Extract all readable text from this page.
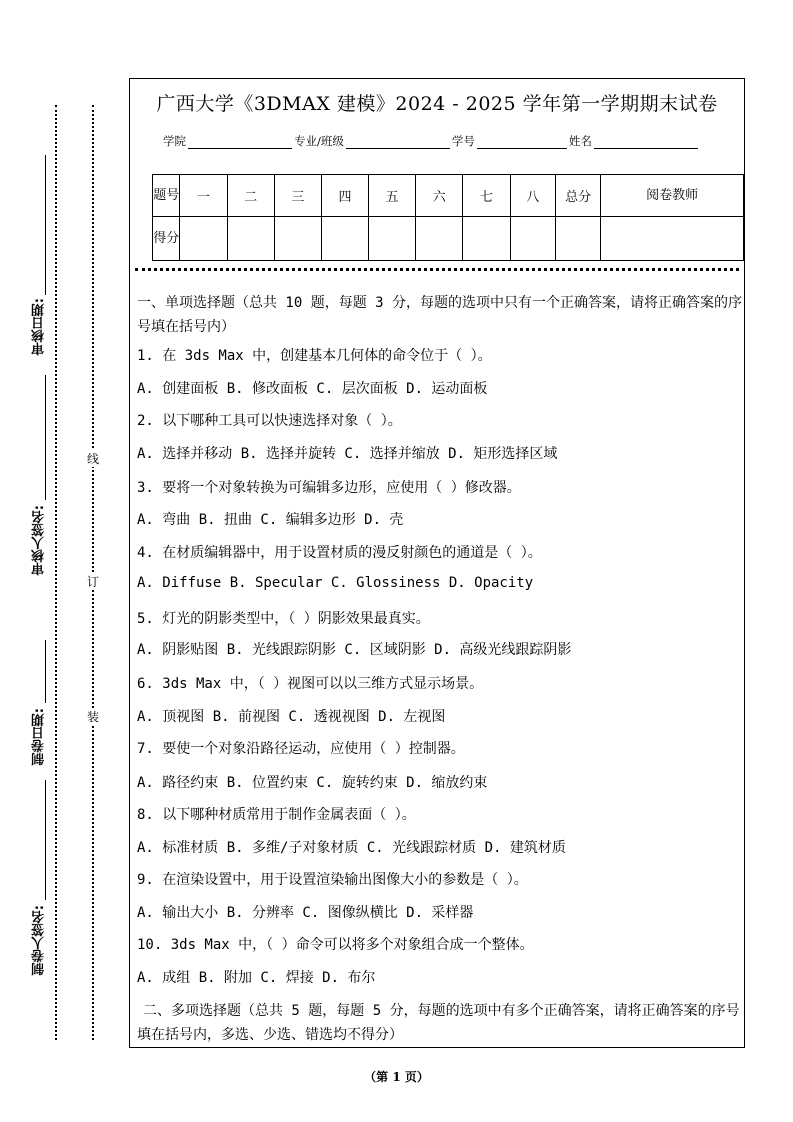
审核日期:
审核人签名:
制卷日期:
制卷人签名:
线
订
装
广西大学《3DMAX 建模》2024 - 2025 学年第一学期期末试卷
学院	专业/班级	学号	姓名
题号	一	二	三	四	五	六	七	八	总分	阅卷教师
得分										

一、单项选择题（总共 10 题，每题 3 分，每题的选项中只有一个正确答案，请将正确答案的序号填在括号内）

1. 在 3ds Max 中，创建基本几何体的命令位于（ ）。

A. 创建面板 B. 修改面板 C. 层次面板 D. 运动面板

2. 以下哪种工具可以快速选择对象（ ）。

A. 选择并移动 B. 选择并旋转 C. 选择并缩放 D. 矩形选择区域

3. 要将一个对象转换为可编辑多边形，应使用（ ）修改器。

A. 弯曲 B. 扭曲 C. 编辑多边形 D. 壳

4. 在材质编辑器中，用于设置材质的漫反射颜色的通道是（ ）。

A. Diffuse B. Specular C. Glossiness D. Opacity

5. 灯光的阴影类型中，（ ）阴影效果最真实。

A. 阴影贴图 B. 光线跟踪阴影 C. 区域阴影 D. 高级光线跟踪阴影

6. 3ds Max 中，（ ）视图可以以三维方式显示场景。

A. 顶视图 B. 前视图 C. 透视视图 D. 左视图

7. 要使一个对象沿路径运动，应使用（ ）控制器。

A. 路径约束 B. 位置约束 C. 旋转约束 D. 缩放约束

8. 以下哪种材质常用于制作金属表面（ ）。

A. 标准材质 B. 多维/子对象材质 C. 光线跟踪材质 D. 建筑材质

9. 在渲染设置中，用于设置渲染输出图像大小的参数是（ ）。

A. 输出大小 B. 分辨率 C. 图像纵横比 D. 采样器

10. 3ds Max 中，（ ）命令可以将多个对象组合成一个整体。

A. 成组 B. 附加 C. 焊接 D. 布尔

二、多项选择题（总共 5 题，每题 5 分，每题的选项中有多个正确答案，请将正确答案的序号填在括号内，多选、少选、错选均不得分）

（第 1 页）
